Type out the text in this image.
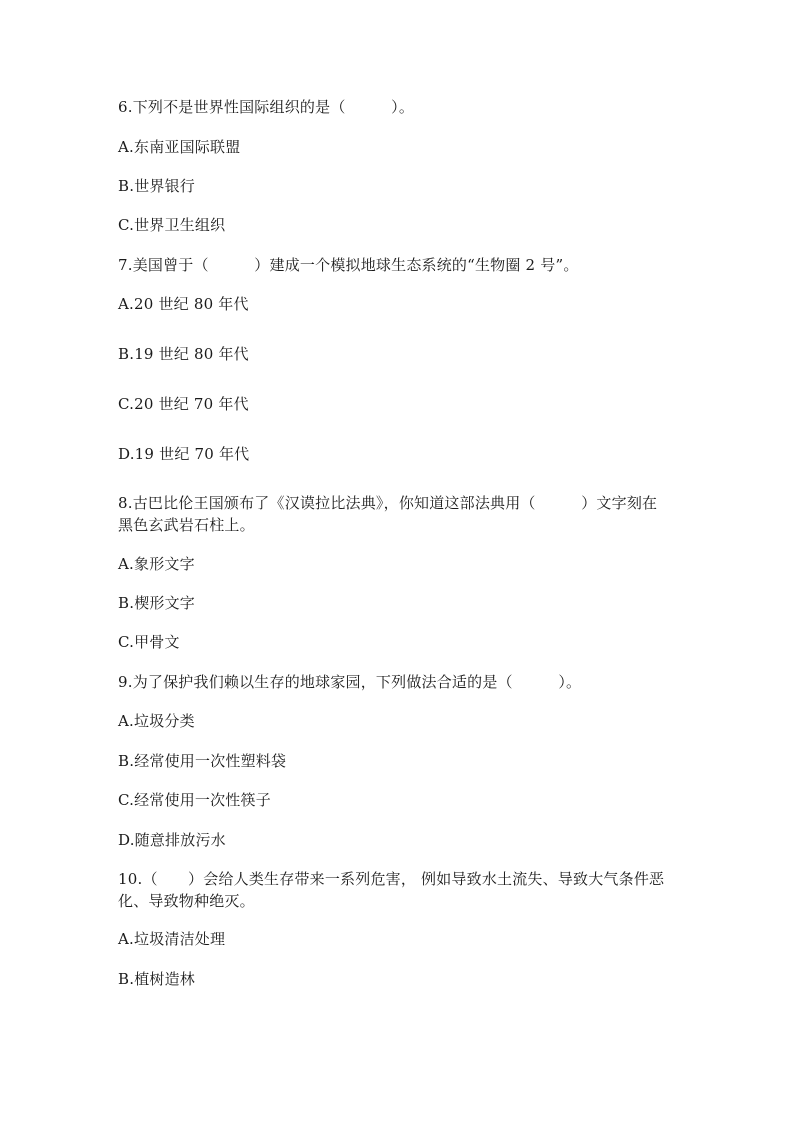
6.下列不是世界性国际组织的是（　　　）。
A.东南亚国际联盟
B.世界银行
C.世界卫生组织
7.美国曾于（　　　）建成一个模拟地球生态系统的“生物圈 2 号”。
A.20 世纪 80 年代
B.19 世纪 80 年代
C.20 世纪 70 年代
D.19 世纪 70 年代
8.古巴比伦王国颁布了《汉谟拉比法典》，你知道这部法典用（　　　）文字刻在黑色玄武岩石柱上。
A.象形文字
B.楔形文字
C.甲骨文
9.为了保护我们赖以生存的地球家园，下列做法合适的是（　　　）。
A.垃圾分类
B.经常使用一次性塑料袋
C.经常使用一次性筷子
D.随意排放污水
10.（　　）会给人类生存带来一系列危害， 例如导致水土流失、导致大气条件恶化、导致物种绝灭。
A.垃圾清洁处理
B.植树造林
